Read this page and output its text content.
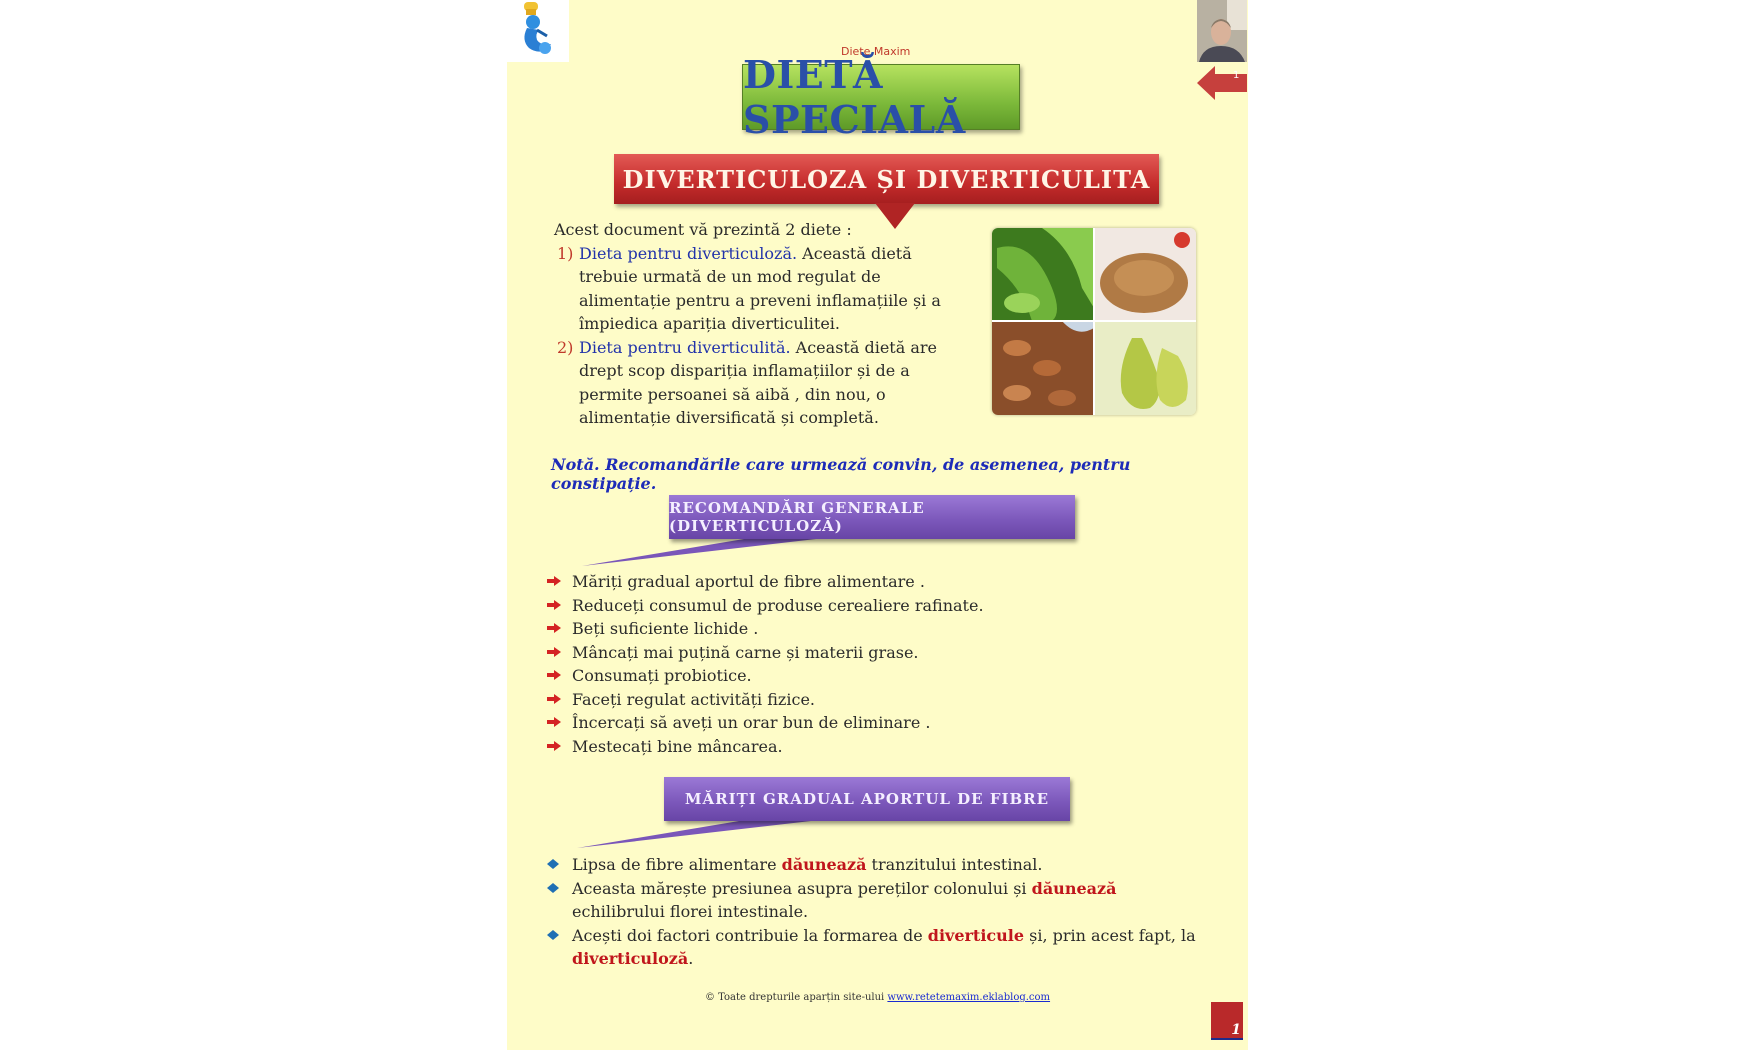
Diete Maxim
1
DIETĂ SPECIALĂ
DIVERTICULOZA ȘI DIVERTICULITA
Acest document vă prezintă 2 diete :
1) Dieta pentru diverticuloză. Această dietă trebuie urmată de un mod regulat de alimentație pentru a preveni inflamațiile și a împiedica apariția diverticulitei.
2) Dieta pentru diverticulită. Această dietă are drept scop dispariția inflamațiilor și de a permite persoanei să aibă , din nou, o alimentație diversificată și completă.
Notă. Recomandările care urmează convin, de asemenea, pentru constipație.
RECOMANDĂRI GENERALE (DIVERTICULOZĂ)
Măriți gradual aportul de fibre alimentare .
Reduceți consumul de produse cerealiere rafinate.
Beți suficiente lichide .
Mâncați mai puțină carne și materii grase.
Consumați probiotice.
Faceți regulat activități fizice.
Încercați să aveți un orar bun de eliminare .
Mestecați bine mâncarea.
MĂRIȚI GRADUAL APORTUL DE FIBRE
Lipsa de fibre alimentare dăunează tranzitului intestinal.
Aceasta mărește presiunea asupra pereților colonului și dăunează echilibrului florei intestinale.
Acești doi factori contribuie la formarea de diverticule și, prin acest fapt, la diverticuloză.
© Toate drepturile aparțin site-ului www.retetemaxim.eklablog.com
1
